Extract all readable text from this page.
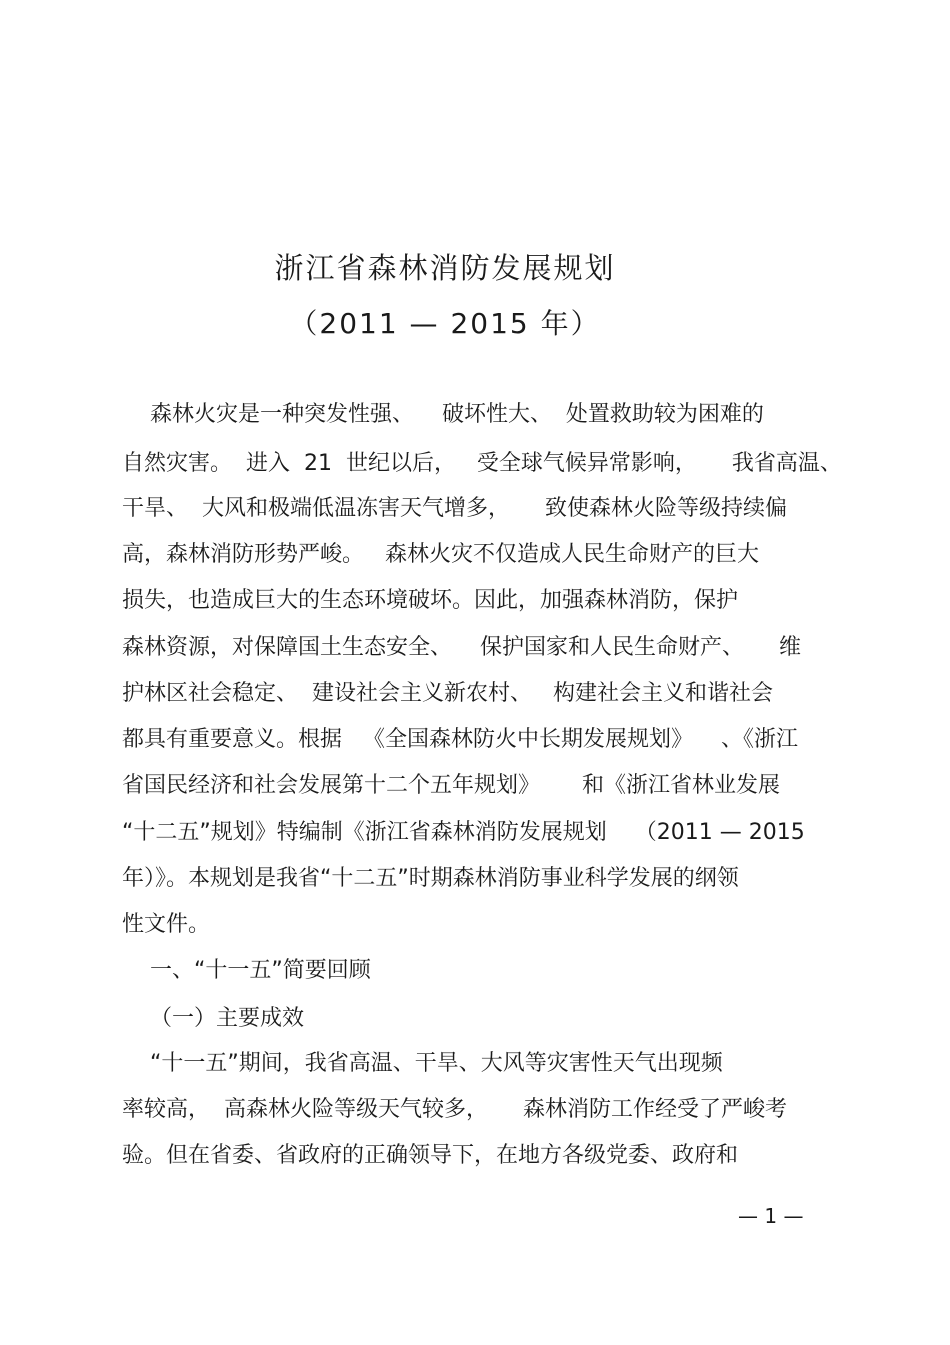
浙江省森林消防发展规划
（2011 — 2015 年）
森林火灾是一种突发性强、    破坏性大、  处置救助较为困难的
自然灾害。  进入  21  世纪以后，   受全球气候异常影响，     我省高温、
干旱、  大风和极端低温冻害天气增多，     致使森林火险等级持续偏
高，森林消防形势严峻。   森林火灾不仅造成人民生命财产的巨大
损失，也造成巨大的生态环境破坏。因此，加强森林消防，保护
森林资源，对保障国土生态安全、    保护国家和人民生命财产、     维
护林区社会稳定、  建设社会主义新农村、   构建社会主义和谐社会
都具有重要意义。根据   《全国森林防火中长期发展规划》    、《浙江
省国民经济和社会发展第十二个五年规划》      和《浙江省林业发展
“十二五”规划》特编制《浙江省森林消防发展规划    （2011 — 2015
年）》。本规划是我省“十二五”时期森林消防事业科学发展的纲领
性文件。
一、“十一五”简要回顾
（一）主要成效
“十一五”期间，我省高温、干旱、大风等灾害性天气出现频
率较高，  高森林火险等级天气较多，     森林消防工作经受了严峻考
验。但在省委、省政府的正确领导下，在地方各级党委、政府和
— 1 —
